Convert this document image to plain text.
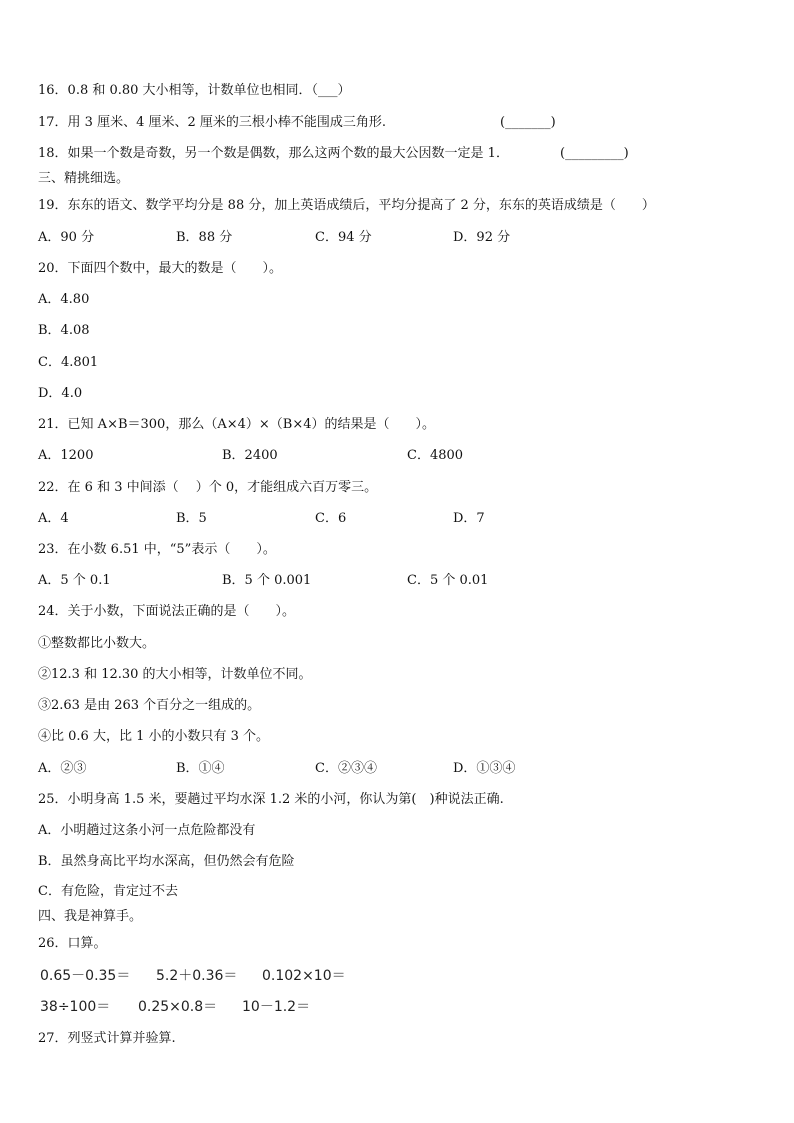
16．0.8 和 0.80 大小相等，计数单位也相同．（___）
17．用 3 厘米、4 厘米、2 厘米的三根小棒不能围成三角形.	(_______)
18．如果一个数是奇数，另一个数是偶数，那么这两个数的最大公因数一定是 1．	(_________)
三、精挑细选。
19．东东的语文、数学平均分是 88 分，加上英语成绩后，平均分提高了 2 分，东东的英语成绩是（　　）
A．90 分	B．88 分	C．94 分	D．92 分
20．下面四个数中，最大的数是（　　）。
A．4.80
B．4.08
C．4.801
D．4.0
21．已知 A×B＝300，那么（A×4）×（B×4）的结果是（　　）。
A．1200	B．2400	C．4800
22．在 6 和 3 中间添（　 ）个 0，才能组成六百万零三。
A．4	B．5	C．6	D．7
23．在小数 6.51 中，“5”表示（　　）。
A．5 个 0.1	B．5 个 0.001	C．5 个 0.01
24．关于小数，下面说法正确的是（　　）。
①整数都比小数大。
②12.3 和 12.30 的大小相等，计数单位不同。
③2.63 是由 263 个百分之一组成的。
④比 0.6 大，比 1 小的小数只有 3 个。
A．②③	B．①④	C．②③④	D．①③④
25．小明身高 1.5 米，要趟过平均水深 1.2 米的小河，你认为第(　)种说法正确.
A．小明趟过这条小河一点危险都没有
B．虽然身高比平均水深高，但仍然会有危险
C．有危险，肯定过不去
四、我是神算手。
26．口算。
0.65－0.35＝ 5.2＋0.36＝ 0.102×10＝
38÷100＝ 0.25×0.8＝ 10－1.2＝
27．列竖式计算并验算.
